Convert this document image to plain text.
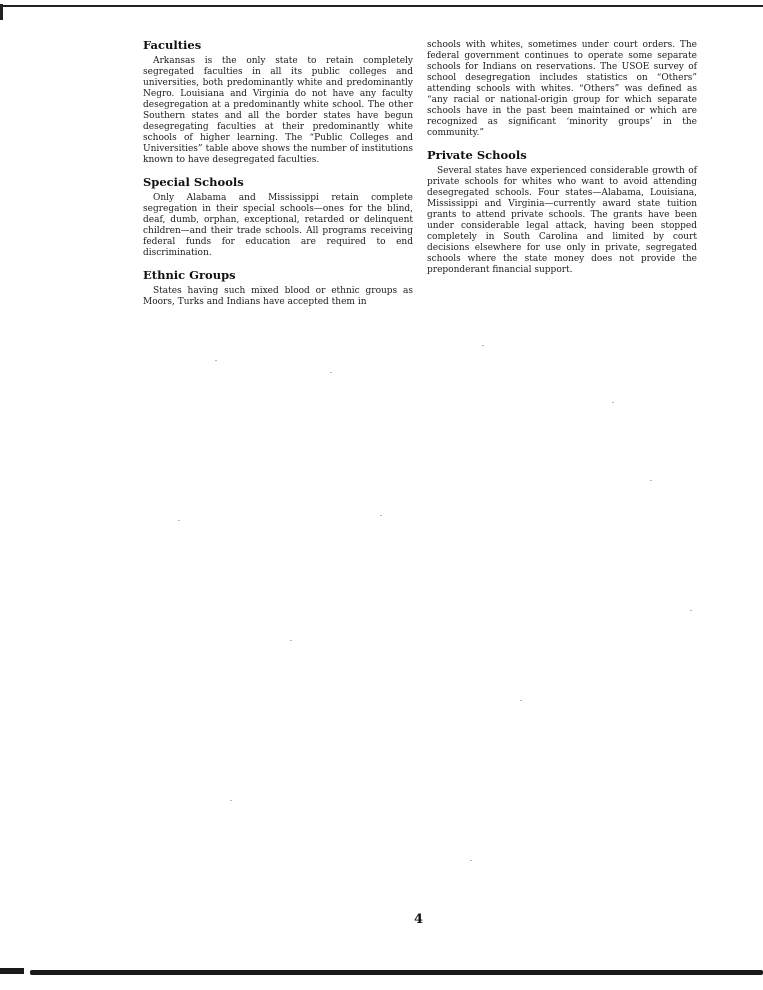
Faculties

Arkansas is the only state to retain completely segregated faculties in all its public colleges and universities, both predominantly white and predominantly Negro. Louisiana and Virginia do not have any faculty desegregation at a predominantly white school. The other Southern states and all the border states have begun desegregating faculties at their predominantly white schools of higher learning. The “Public Colleges and Universities” table above shows the number of institutions known to have desegregated faculties.

Special Schools

Only Alabama and Mississippi retain complete segregation in their special schools—ones for the blind, deaf, dumb, orphan, exceptional, retarded or delinquent children—and their trade schools. All programs receiving federal funds for education are required to end discrimination.

Ethnic Groups

States having such mixed blood or ethnic groups as Moors, Turks and Indians have accepted them in

schools with whites, sometimes under court orders. The federal government continues to operate some separate schools for Indians on reservations. The USOE survey of school desegregation includes statistics on “Others” attending schools with whites. “Others” was defined as “any racial or national-origin group for which separate schools have in the past been maintained or which are recognized as significant ‘minority groups’ in the community.”

Private Schools

Several states have experienced considerable growth of private schools for whites who want to avoid attending desegregated schools. Four states—Alabama, Louisiana, Mississippi and Virginia—currently award state tuition grants to attend private schools. The grants have been under considerable legal attack, having been stopped completely in South Carolina and limited by court decisions elsewhere for use only in private, segregated schools where the state money does not provide the preponderant financial support.

4
